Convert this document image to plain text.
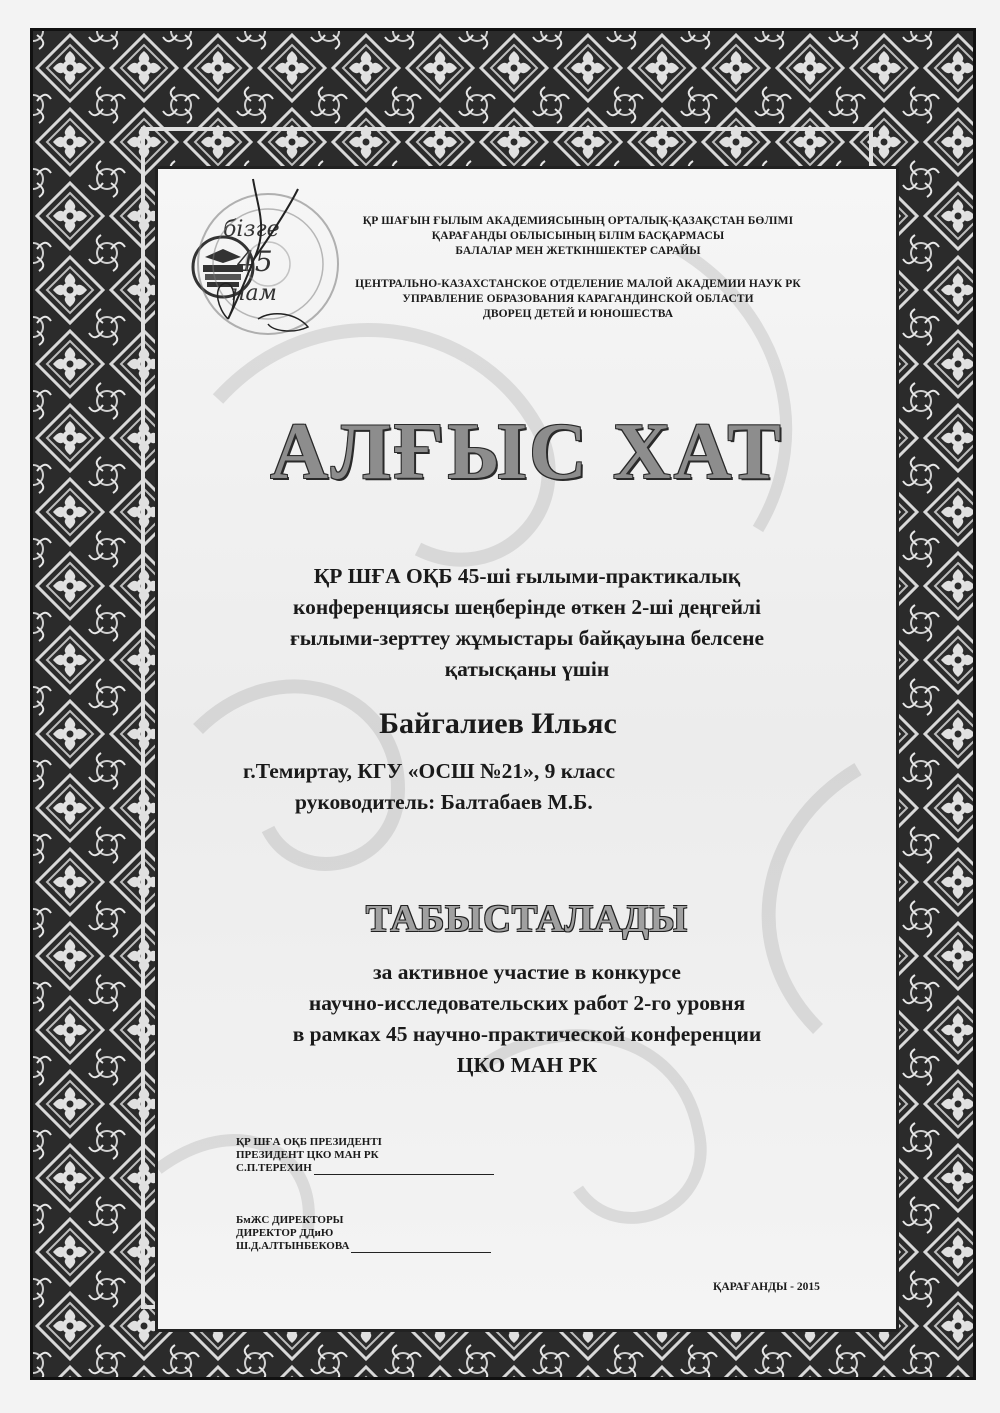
бізге
45
нам
ҚР ШАҒЫН ҒЫЛЫМ АКАДЕМИЯСЫНЫҢ ОРТАЛЫҚ-ҚАЗАҚСТАН БӨЛІМІ
ҚАРАҒАНДЫ ОБЛЫСЫНЫҢ БІЛІМ БАСҚАРМАСЫ
БАЛАЛАР МЕН ЖЕТКІНШЕКТЕР САРАЙЫ
ЦЕНТРАЛЬНО-КАЗАХСТАНСКОЕ ОТДЕЛЕНИЕ МАЛОЙ АКАДЕМИИ НАУК РК
УПРАВЛЕНИЕ ОБРАЗОВАНИЯ КАРАГАНДИНСКОЙ ОБЛАСТИ
ДВОРЕЦ ДЕТЕЙ И ЮНОШЕСТВА
АЛҒЫС ХАТ
ҚР ШҒА ОҚБ 45-ші ғылыми-практикалық
конференциясы шеңберінде өткен 2-ші деңгейлі
ғылыми-зерттеу жұмыстары байқауына белсене
қатысқаны үшін
Байгалиев Ильяс
г.Темиртау, КГУ «ОСШ №21», 9 класс
руководитель: Балтабаев М.Б.
ТАБЫСТАЛАДЫ
за активное участие в конкурсе
научно-исследовательских работ 2-го уровня
в рамках 45 научно-практической конференции
ЦКО МАН РК
ҚР ШҒА ОҚБ ПРЕЗИДЕНТІ
ПРЕЗИДЕНТ ЦКО МАН РК
С.П.ТЕРЕХИН
БмЖС ДИРЕКТОРЫ
ДИРЕКТОР ДДиЮ
Ш.Д.АЛТЫНБЕКОВА
ҚАРАҒАНДЫ - 2015
